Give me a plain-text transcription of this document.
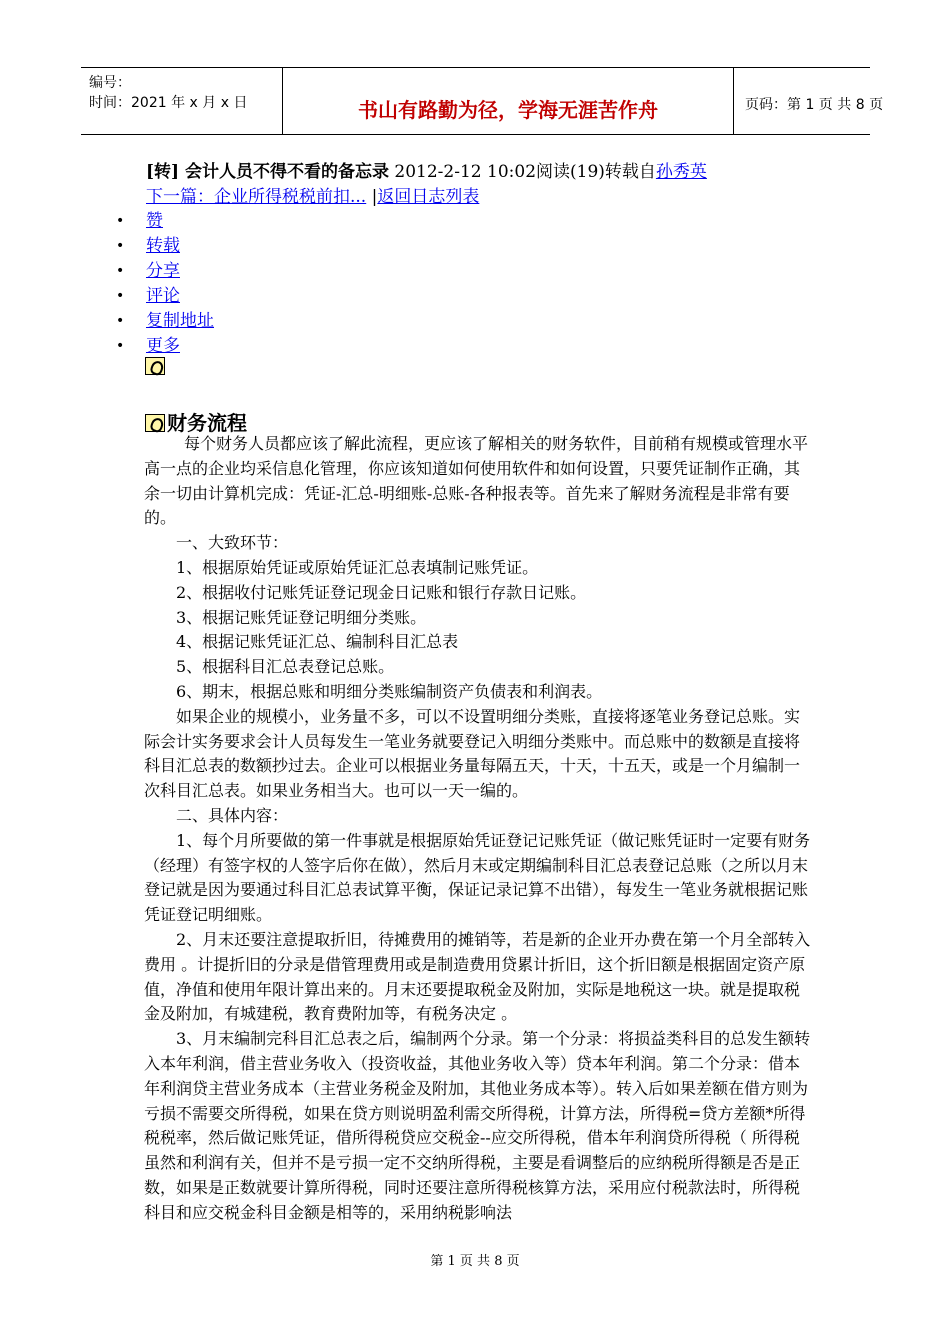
编号：
时间：2021 年 x 月 x 日	书山有路勤为径，学海无涯苦作舟	页码：第 1 页 共 8 页
[转] 会计人员不得不看的备忘录 2012-2-12 10:02阅读(19)转载自孙秀英
下一篇：企业所得税税前扣... |返回日志列表
• 赞
• 转载
• 分享
• 评论
• 复制地址
• 更多
财务流程

每个财务人员都应该了解此流程，更应该了解相关的财务软件，目前稍有规模或管理水平高一点的企业均采信息化管理，你应该知道如何使用软件和如何设置，只要凭证制作正确，其余一切由计算机完成：凭证-汇总-明细账-总账-各种报表等。首先来了解财务流程是非常有要的。

一、大致环节：

1、根据原始凭证或原始凭证汇总表填制记账凭证。

2、根据收付记账凭证登记现金日记账和银行存款日记账。

3、根据记账凭证登记明细分类账。

4、根据记账凭证汇总、编制科目汇总表

5、根据科目汇总表登记总账。

6、期末，根据总账和明细分类账编制资产负债表和利润表。

如果企业的规模小，业务量不多，可以不设置明细分类账，直接将逐笔业务登记总账。实际会计实务要求会计人员每发生一笔业务就要登记入明细分类账中。而总账中的数额是直接将科目汇总表的数额抄过去。企业可以根据业务量每隔五天，十天，十五天，或是一个月编制一次科目汇总表。如果业务相当大。也可以一天一编的。

二、具体内容：

1、每个月所要做的第一件事就是根据原始凭证登记记账凭证（做记账凭证时一定要有财务（经理）有签字权的人签字后你在做），然后月末或定期编制科目汇总表登记总账（之所以月末登记就是因为要通过科目汇总表试算平衡，保证记录记算不出错），每发生一笔业务就根据记账凭证登记明细账。

2、月末还要注意提取折旧，待摊费用的摊销等，若是新的企业开办费在第一个月全部转入费用 。计提折旧的分录是借管理费用或是制造费用贷累计折旧，这个折旧额是根据固定资产原值，净值和使用年限计算出来的。月末还要提取税金及附加，实际是地税这一块。就是提取税金及附加，有城建税，教育费附加等，有税务决定 。

3、月末编制完科目汇总表之后，编制两个分录。第一个分录：将损益类科目的总发生额转入本年利润，借主营业务收入（投资收益，其他业务收入等）贷本年利润。第二个分录：借本年利润贷主营业务成本（主营业务税金及附加，其他业务成本等）。转入后如果差额在借方则为亏损不需要交所得税，如果在贷方则说明盈利需交所得税，计算方法，所得税=贷方差额*所得税税率，然后做记账凭证，借所得税贷应交税金--应交所得税，借本年利润贷所得税（ 所得税虽然和利润有关，但并不是亏损一定不交纳所得税，主要是看调整后的应纳税所得额是否是正数，如果是正数就要计算所得税，同时还要注意所得税核算方法，采用应付税款法时，所得税科目和应交税金科目金额是相等的，采用纳税影响法

第 1 页 共 8 页
